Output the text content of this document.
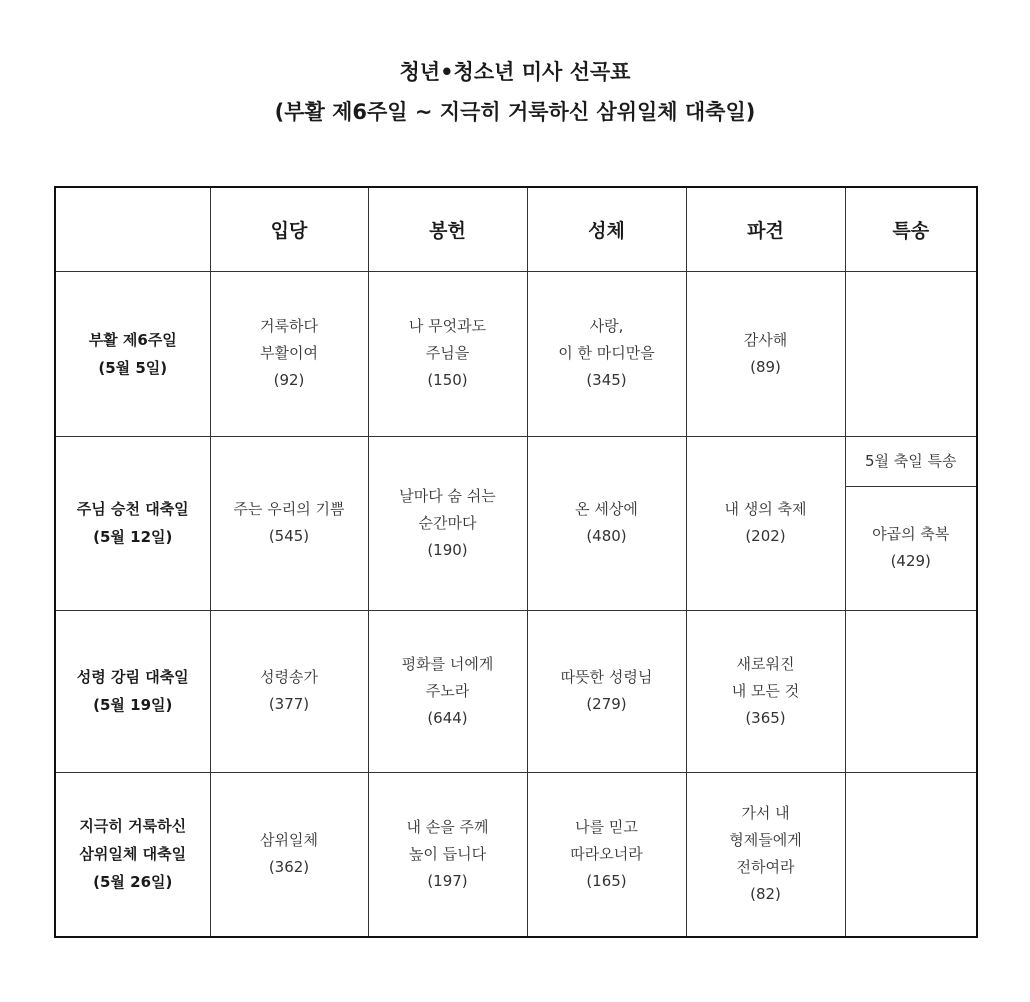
청년•청소년 미사 선곡표
(부활 제6주일 ~ 지극히 거룩하신 삼위일체 대축일)
	입당	봉헌	성체	파견	특송

부활 제6주일
(5월 5일)	거룩하다
부활이여
(92)	나 무엇과도
주님을
(150)	사랑,
이 한 마디만을
(345)	감사해
(89)	

주님 승천 대축일
(5월 12일)	주는 우리의 기쁨
(545)	날마다 숨 쉬는
순간마다
(190)	온 세상에
(480)	내 생의 축제
(202)	5월 축일 특송

					야곱의 축복
(429)

성령 강림 대축일
(5월 19일)	성령송가
(377)	평화를 너에게
주노라
(644)	따뜻한 성령님
(279)	새로워진
내 모든 것
(365)	

지극히 거룩하신
삼위일체 대축일
(5월 26일)	삼위일체
(362)	내 손을 주께
높이 듭니다
(197)	나를 믿고
따라오너라
(165)	가서 내
형제들에게
전하여라
(82)	
